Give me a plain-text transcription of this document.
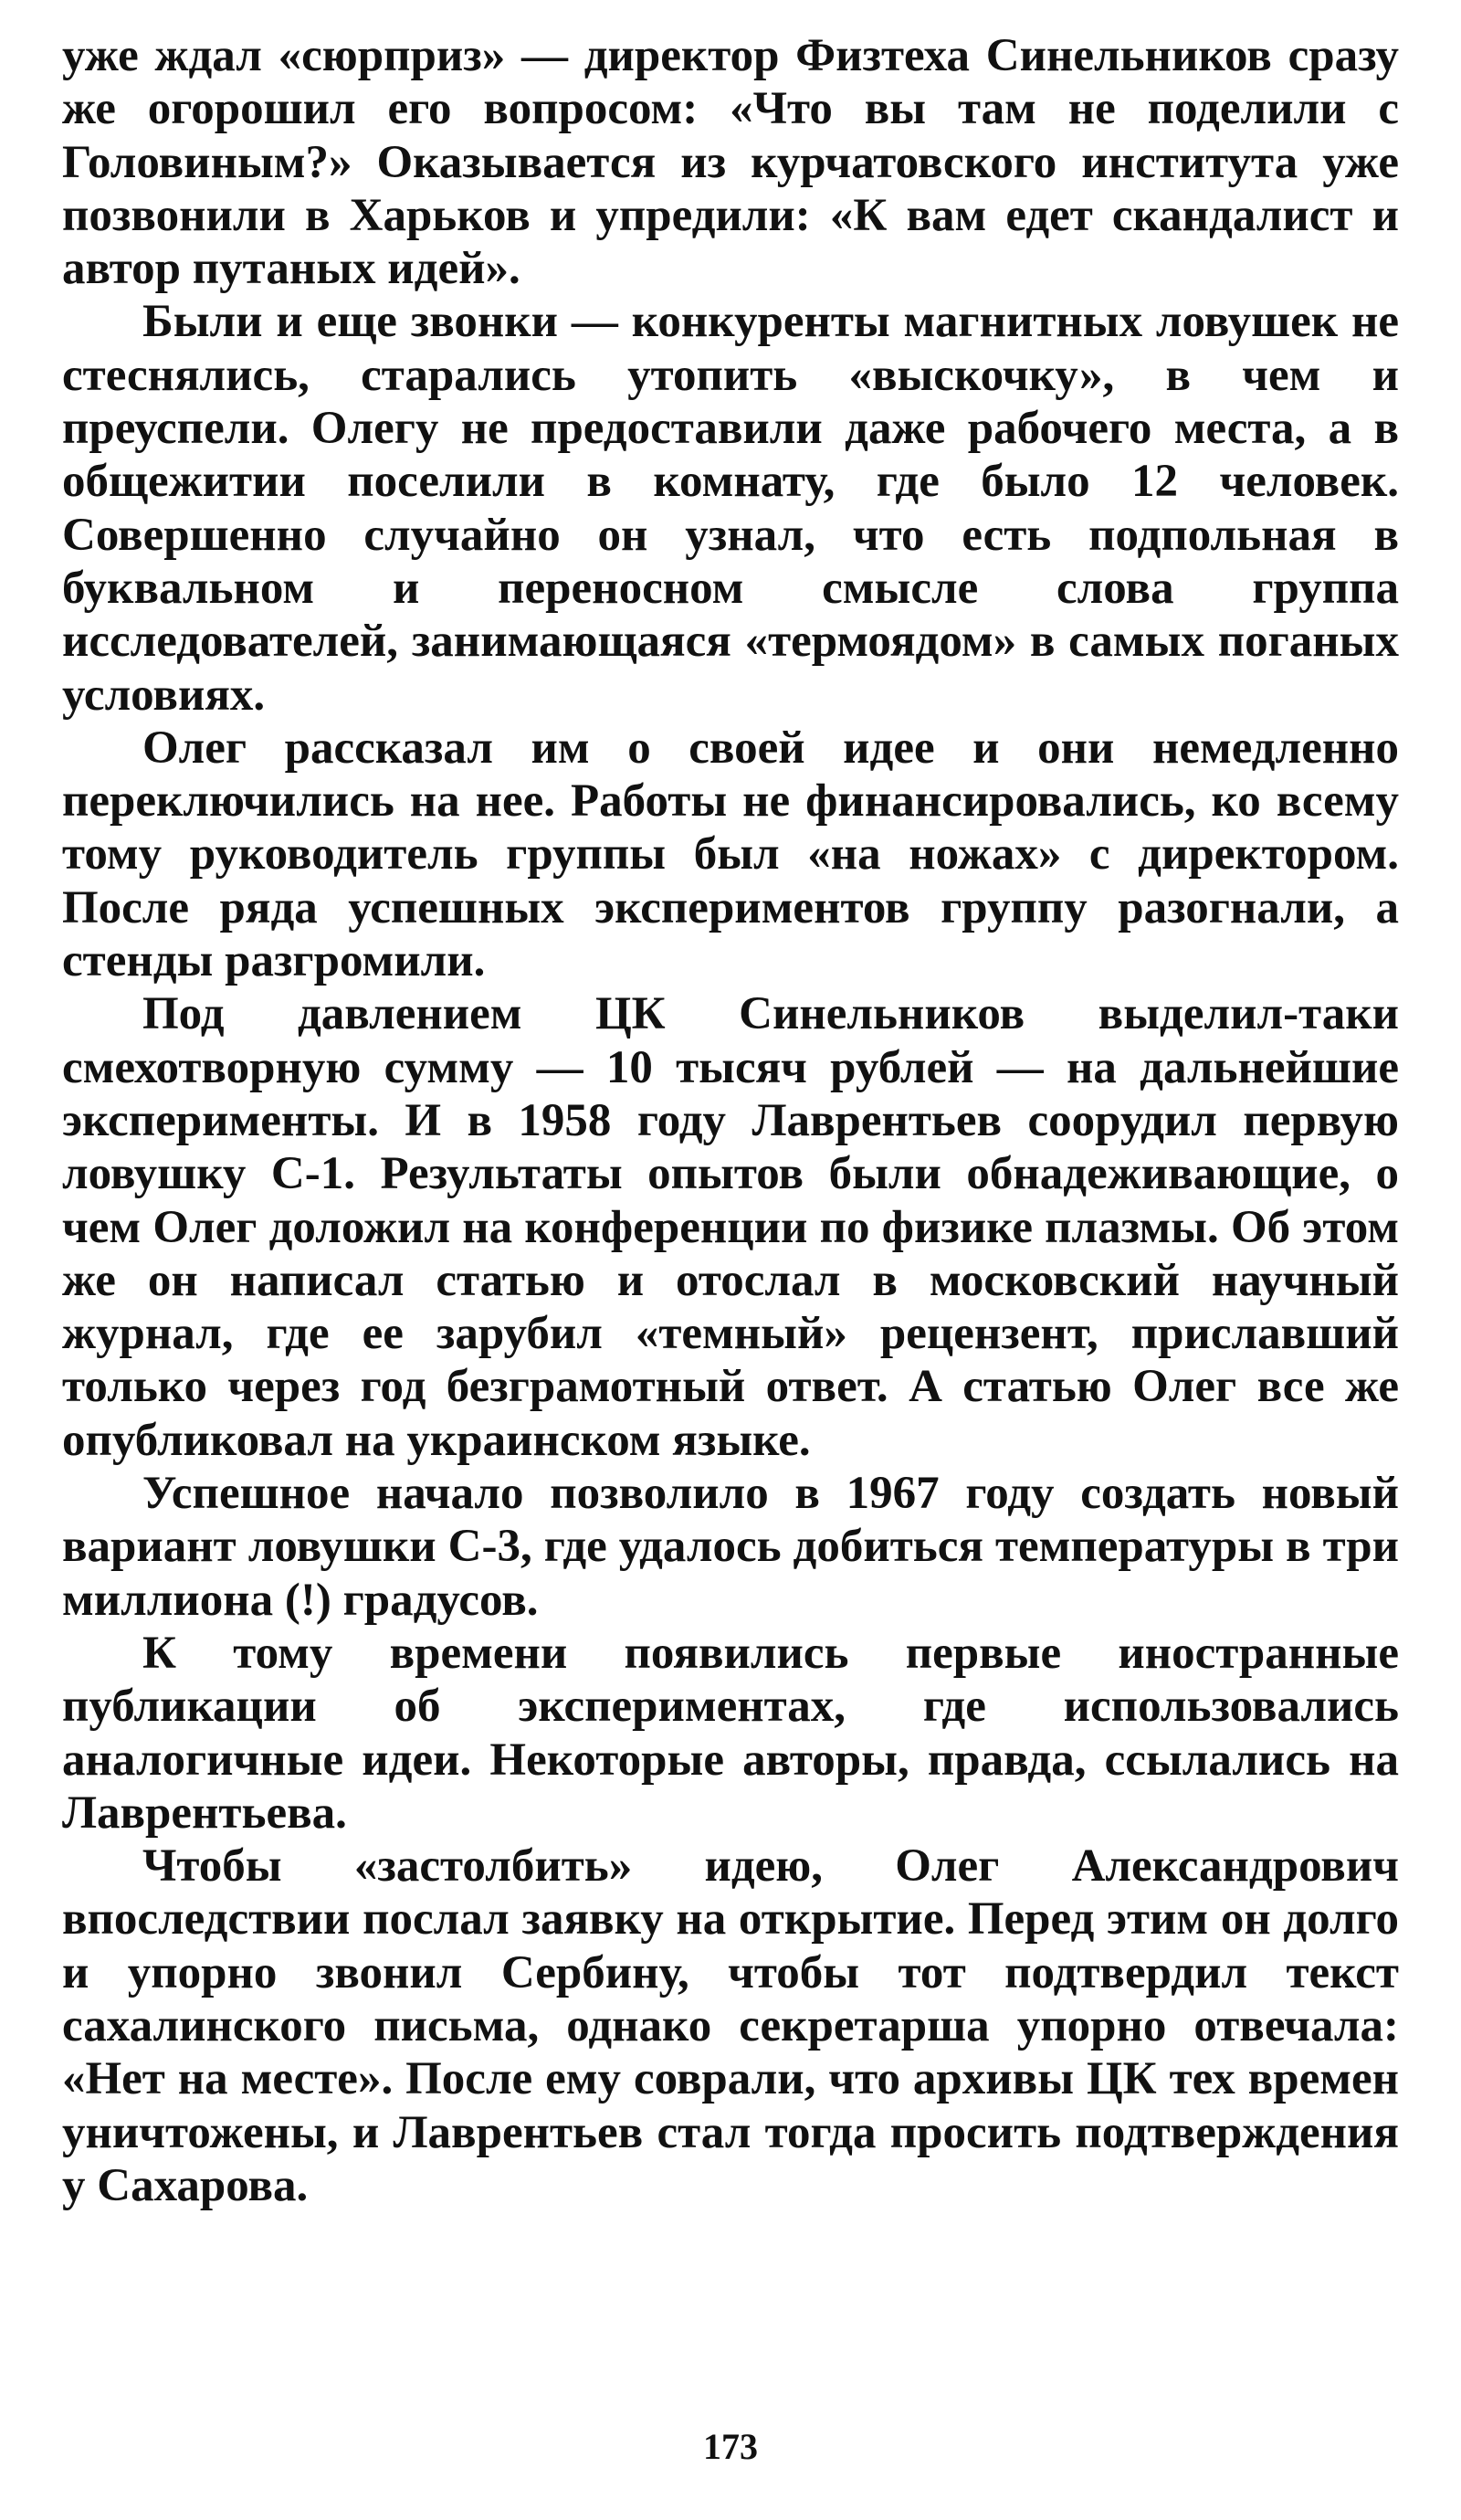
уже ждал «сюрприз» — директор Физтеха Синельников сразу же огорошил его вопросом: «Что вы там не поделили с Головиным?» Оказывается из курчатовского института уже позвонили в Харьков и упредили: «К вам едет скандалист и автор путаных идей».

Были и еще звонки — конкуренты магнитных ловушек не стеснялись, старались утопить «выскочку», в чем и преуспели. Олегу не предоставили даже рабочего места, а в общежитии поселили в комнату, где было 12 человек. Совершенно случайно он узнал, что есть подпольная в буквальном и переносном смысле слова группа исследователей, занимающаяся «термоядом» в самых поганых условиях.

Олег рассказал им о своей идее и они немедленно переключились на нее. Работы не финансировались, ко всему тому руководитель группы был «на ножах» с директором. После ряда успешных экспериментов группу разогнали, а стенды разгромили.

Под давлением ЦК Синельников выделил-таки смехотворную сумму — 10 тысяч рублей — на дальнейшие эксперименты. И в 1958 году Лаврентьев соорудил первую ловушку С-1. Результаты опытов были обнадеживающие, о чем Олег доложил на конференции по физике плазмы. Об этом же он написал статью и отослал в московский научный журнал, где ее зарубил «темный» рецензент, приславший только через год безграмотный ответ. А статью Олег все же опубликовал на украинском языке.

Успешное начало позволило в 1967 году создать новый вариант ловушки С-3, где удалось добиться температуры в три миллиона (!) градусов.

К тому времени появились первые иностранные публикации об экспериментах, где использовались аналогичные идеи. Некоторые авторы, правда, ссылались на Лаврентьева.

Чтобы «застолбить» идею, Олег Александрович впоследствии послал заявку на открытие. Перед этим он долго и упорно звонил Сербину, чтобы тот подтвердил текст сахалинского письма, однако секретарша упорно отвечала: «Нет на месте». После ему соврали, что архивы ЦК тех времен уничтожены, и Лаврентьев стал тогда просить подтверждения у Сахарова.

173
